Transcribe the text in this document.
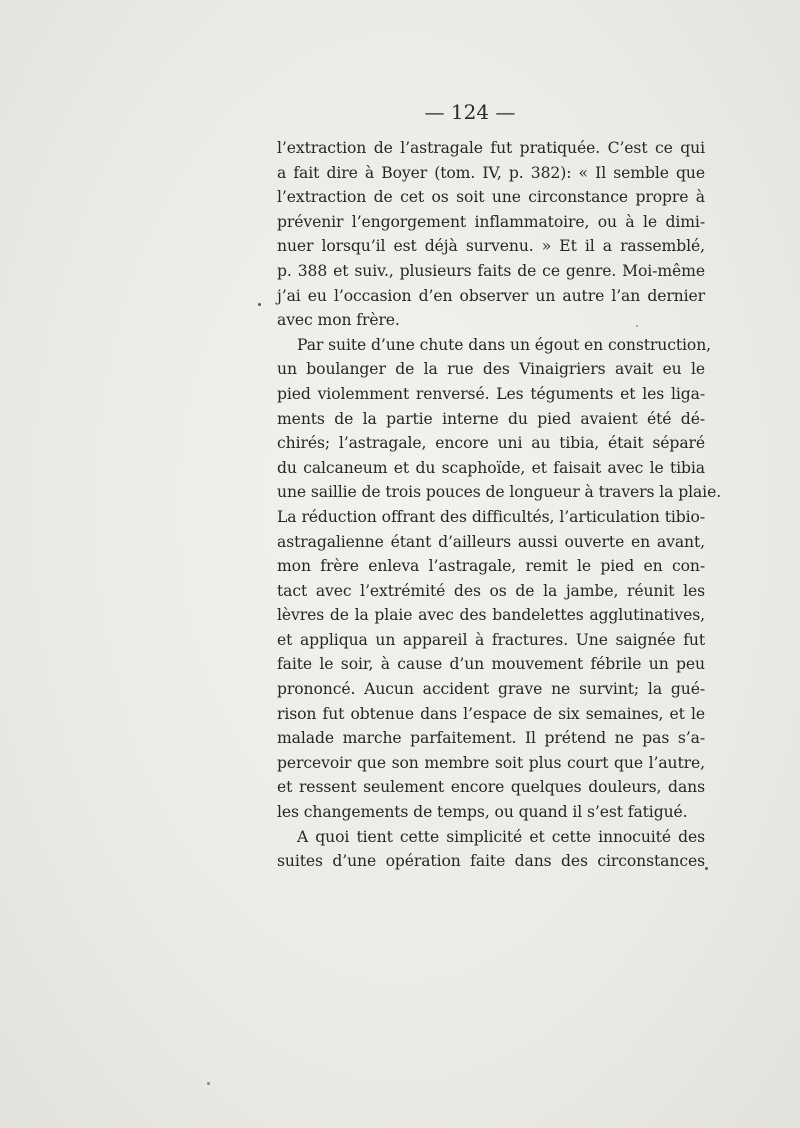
— 124 —
l’extraction de l’astragale fut pratiquée. C’est ce qui
a fait dire à Boyer (tom. IV, p. 382): « Il semble que
l’extraction de cet os soit une circonstance propre à
prévenir l’engorgement inflammatoire, ou à le dimi-
nuer lorsqu’il est déjà survenu. » Et il a rassemblé,
p. 388 et suiv., plusieurs faits de ce genre. Moi-même
j’ai eu l’occasion d’en observer un autre l’an dernier
avec mon frère.
Par suite d’une chute dans un égout en construction,
un boulanger de la rue des Vinaigriers avait eu le
pied violemment renversé. Les téguments et les liga-
ments de la partie interne du pied avaient été dé-
chirés; l’astragale, encore uni au tibia, était séparé
du calcaneum et du scaphoïde, et faisait avec le tibia
une saillie de trois pouces de longueur à travers la plaie.
La réduction offrant des difficultés, l’articulation tibio-
astragalienne étant d’ailleurs aussi ouverte en avant,
mon frère enleva l’astragale, remit le pied en con-
tact avec l’extrémité des os de la jambe, réunit les
lèvres de la plaie avec des bandelettes agglutinatives,
et appliqua un appareil à fractures. Une saignée fut
faite le soir, à cause d’un mouvement fébrile un peu
prononcé. Aucun accident grave ne survint; la gué-
rison fut obtenue dans l’espace de six semaines, et le
malade marche parfaitement. Il prétend ne pas s’a-
percevoir que son membre soit plus court que l’autre,
et ressent seulement encore quelques douleurs, dans
les changements de temps, ou quand il s’est fatigué.
A quoi tient cette simplicité et cette innocuité des
suites d’une opération faite dans des circonstances
